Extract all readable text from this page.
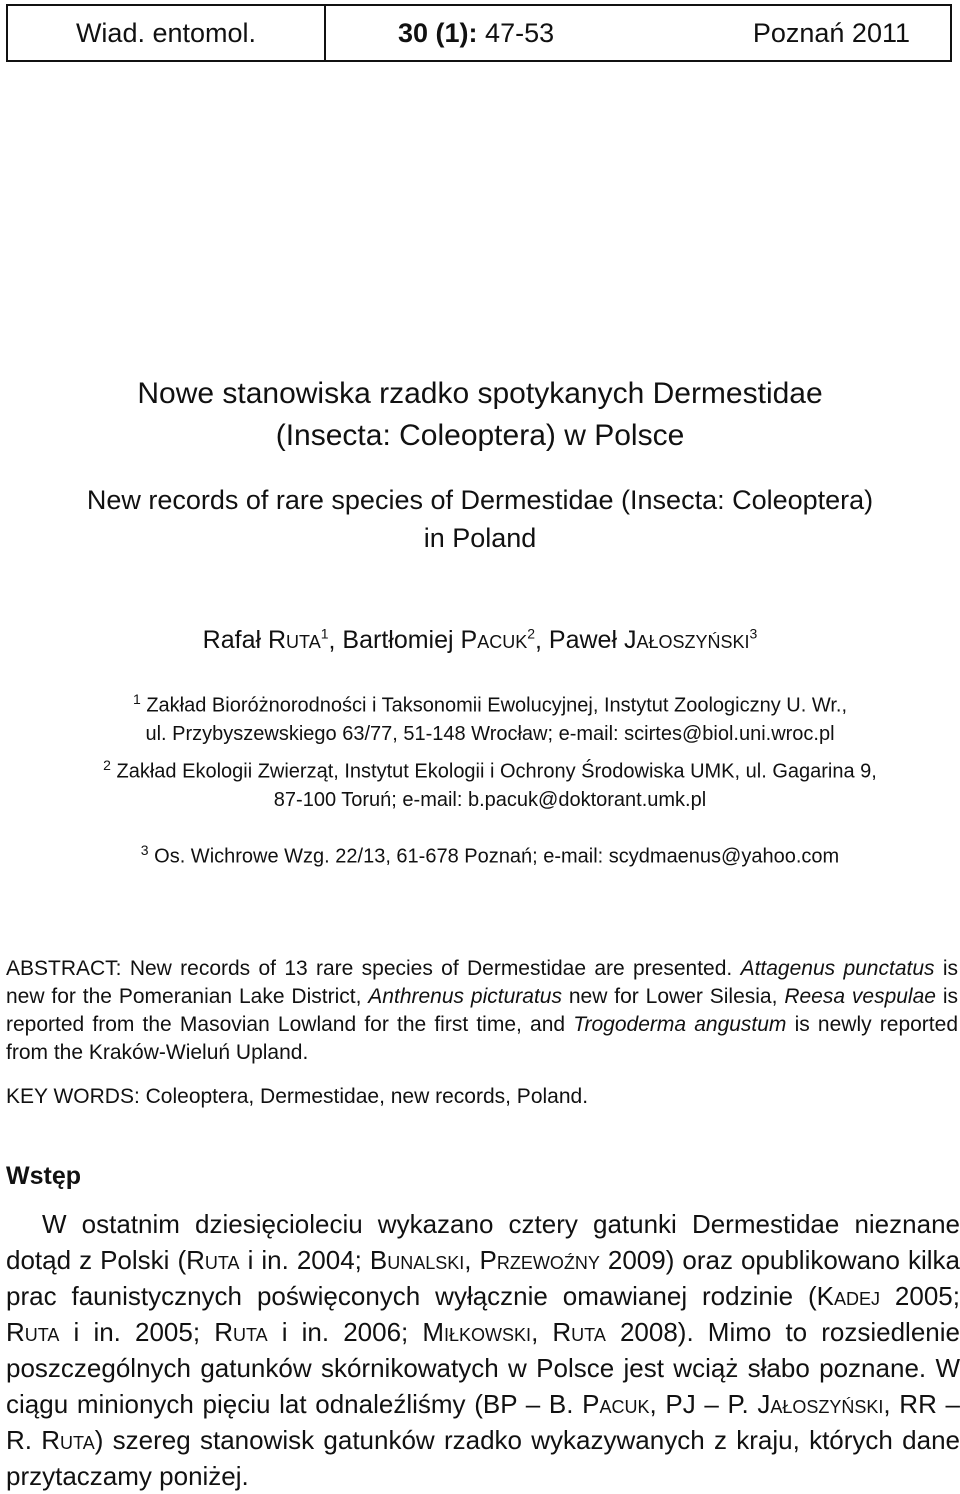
Wiad. entomol.	30 (1): 47-53	Poznań 2011
Nowe stanowiska rzadko spotykanych Dermestidae
(Insecta: Coleoptera) w Polsce
New records of rare species of Dermestidae (Insecta: Coleoptera)
in Poland
Rafał Ruta$^1$, Bartłomiej Pacuk$^2$, Paweł Jałoszyński$^3$
$^1$ Zakład Bioróżnorodności i Taksonomii Ewolucyjnej, Instytut Zoologiczny U. Wr.,
ul. Przybyszewskiego 63/77, 51-148 Wrocław; e-mail: scirtes@biol.uni.wroc.pl
$^2$ Zakład Ekologii Zwierząt, Instytut Ekologii i Ochrony Środowiska UMK, ul. Gagarina 9,
87-100 Toruń; e-mail: b.pacuk@doktorant.umk.pl
$^3$ Os. Wichrowe Wzg. 22/13, 61-678 Poznań; e-mail: scydmaenus@yahoo.com
ABSTRACT: New records of 13 rare species of Dermestidae are presented. Attagenus punctatus is new for the Pomeranian Lake District, Anthrenus picturatus new for Lower Silesia, Reesa vespulae is reported from the Masovian Lowland for the first time, and Trogoderma angustum is newly reported from the Kraków-Wieluń Upland.
KEY WORDS: Coleoptera, Dermestidae, new records, Poland.
Wstęp
W ostatnim dziesięcioleciu wykazano cztery gatunki Dermestidae nieznane dotąd z Polski (Ruta i in. 2004; Bunalski, Przewoźny 2009) oraz opublikowano kilka prac faunistycznych poświęconych wyłącznie omawianej rodzinie (Kadej 2005; Ruta i in. 2005; Ruta i in. 2006; Miłkowski, Ruta 2008). Mimo to rozsiedlenie poszczególnych gatunków skórnikowatych w Polsce jest wciąż słabo poznane. W ciągu minionych pięciu lat odnaleźliśmy (BP – B. Pacuk, PJ – P. Jałoszyński, RR – R. Ruta) szereg stanowisk gatunków rzadko wykazywanych z kraju, których dane przytaczamy poniżej.
